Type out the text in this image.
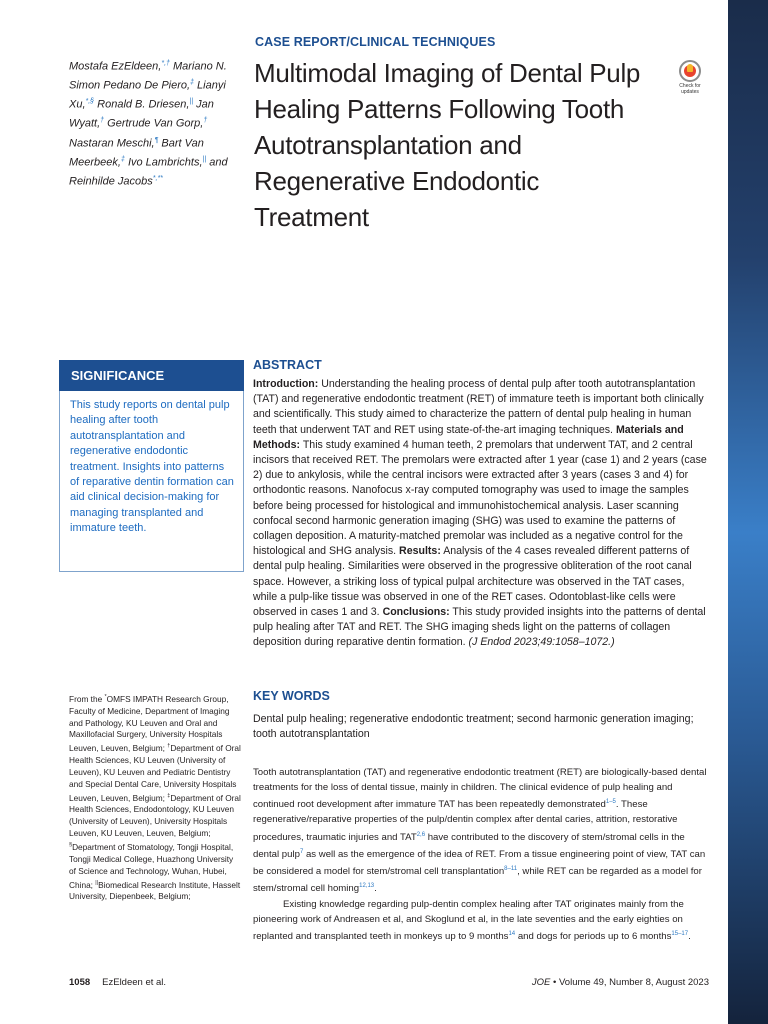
Mostafa EzEldeen,*,† Mariano N. Simon Pedano De Piero,‡ Lianyi Xu,*,§ Ronald B. Driesen,|| Jan Wyatt,† Gertrude Van Gorp,† Nastaran Meschi,¶ Bart Van Meerbeek,‡ Ivo Lambrichts,|| and Reinhilde Jacobs*,**
CASE REPORT/CLINICAL TECHNIQUES
Multimodal Imaging of Dental Pulp Healing Patterns Following Tooth Autotransplantation and Regenerative Endodontic Treatment
Check for updates
ABSTRACT
Introduction: Understanding the healing process of dental pulp after tooth autotransplantation (TAT) and regenerative endodontic treatment (RET) of immature teeth is important both clinically and scientifically. This study aimed to characterize the pattern of dental pulp healing in human teeth that underwent TAT and RET using state-of-the-art imaging techniques. Materials and Methods: This study examined 4 human teeth, 2 premolars that underwent TAT, and 2 central incisors that received RET. The premolars were extracted after 1 year (case 1) and 2 years (case 2) due to ankylosis, while the central incisors were extracted after 3 years (cases 3 and 4) for orthodontic reasons. Nanofocus x-ray computed tomography was used to image the samples before being processed for histological and immunohistochemical analysis. Laser scanning confocal second harmonic generation imaging (SHG) was used to examine the patterns of collagen deposition. A maturity-matched premolar was included as a negative control for the histological and SHG analysis. Results: Analysis of the 4 cases revealed different patterns of dental pulp healing. Similarities were observed in the progressive obliteration of the root canal space. However, a striking loss of typical pulpal architecture was observed in the TAT cases, while a pulp-like tissue was observed in one of the RET cases. Odontoblast-like cells were observed in cases 1 and 3. Conclusions: This study provided insights into the patterns of dental pulp healing after TAT and RET. The SHG imaging sheds light on the patterns of collagen deposition during reparative dentin formation. (J Endod 2023;49:1058–1072.)
SIGNIFICANCE
This study reports on dental pulp healing after tooth autotransplantation and regenerative endodontic treatment. Insights into patterns of reparative dentin formation can aid clinical decision-making for managing transplanted and immature teeth.
KEY WORDS
Dental pulp healing; regenerative endodontic treatment; second harmonic generation imaging; tooth autotransplantation
From the *OMFS IMPATH Research Group, Faculty of Medicine, Department of Imaging and Pathology, KU Leuven and Oral and Maxillofacial Surgery, University Hospitals Leuven, Leuven, Belgium; †Department of Oral Health Sciences, KU Leuven (University of Leuven), KU Leuven and Pediatric Dentistry and Special Dental Care, University Hospitals Leuven, Leuven, Belgium; ‡Department of Oral Health Sciences, Endodontology, KU Leuven (University of Leuven), University Hospitals Leuven, KU Leuven, Leuven, Belgium; §Department of Stomatology, Tongji Hospital, Tongji Medical College, Huazhong University of Science and Technology, Wuhan, Hubei, China; ||Biomedical Research Institute, Hasselt University, Diepenbeek, Belgium;

Tooth autotransplantation (TAT) and regenerative endodontic treatment (RET) are biologically-based dental treatments for the loss of dental tissue, mainly in children. The clinical evidence of pulp healing and continued root development after immature TAT has been repeatedly demonstrated$^{1-5}$. These regenerative/reparative properties of the pulp/dentin complex after dental caries, attrition, restorative procedures, traumatic injuries and TAT$^{2,6}$ have contributed to the discovery of stem/stromal cells in the dental pulp$^7$ as well as the emergence of the idea of RET. From a tissue engineering point of view, TAT can be considered a model for stem/stromal cell transplantation$^{8-11}$, while RET can be regarded as a model for stem/stromal cell homing$^{12,13}$.

Existing knowledge regarding pulp-dentin complex healing after TAT originates mainly from the pioneering work of Andreasen et al, and Skoglund et al, in the late seventies and the early eighties on replanted and transplanted teeth in monkeys up to 9 months$^{14}$ and dogs for periods up to 6 months$^{15-17}$.

1058 EzEldeen et al.	JOE • Volume 49, Number 8, August 2023
